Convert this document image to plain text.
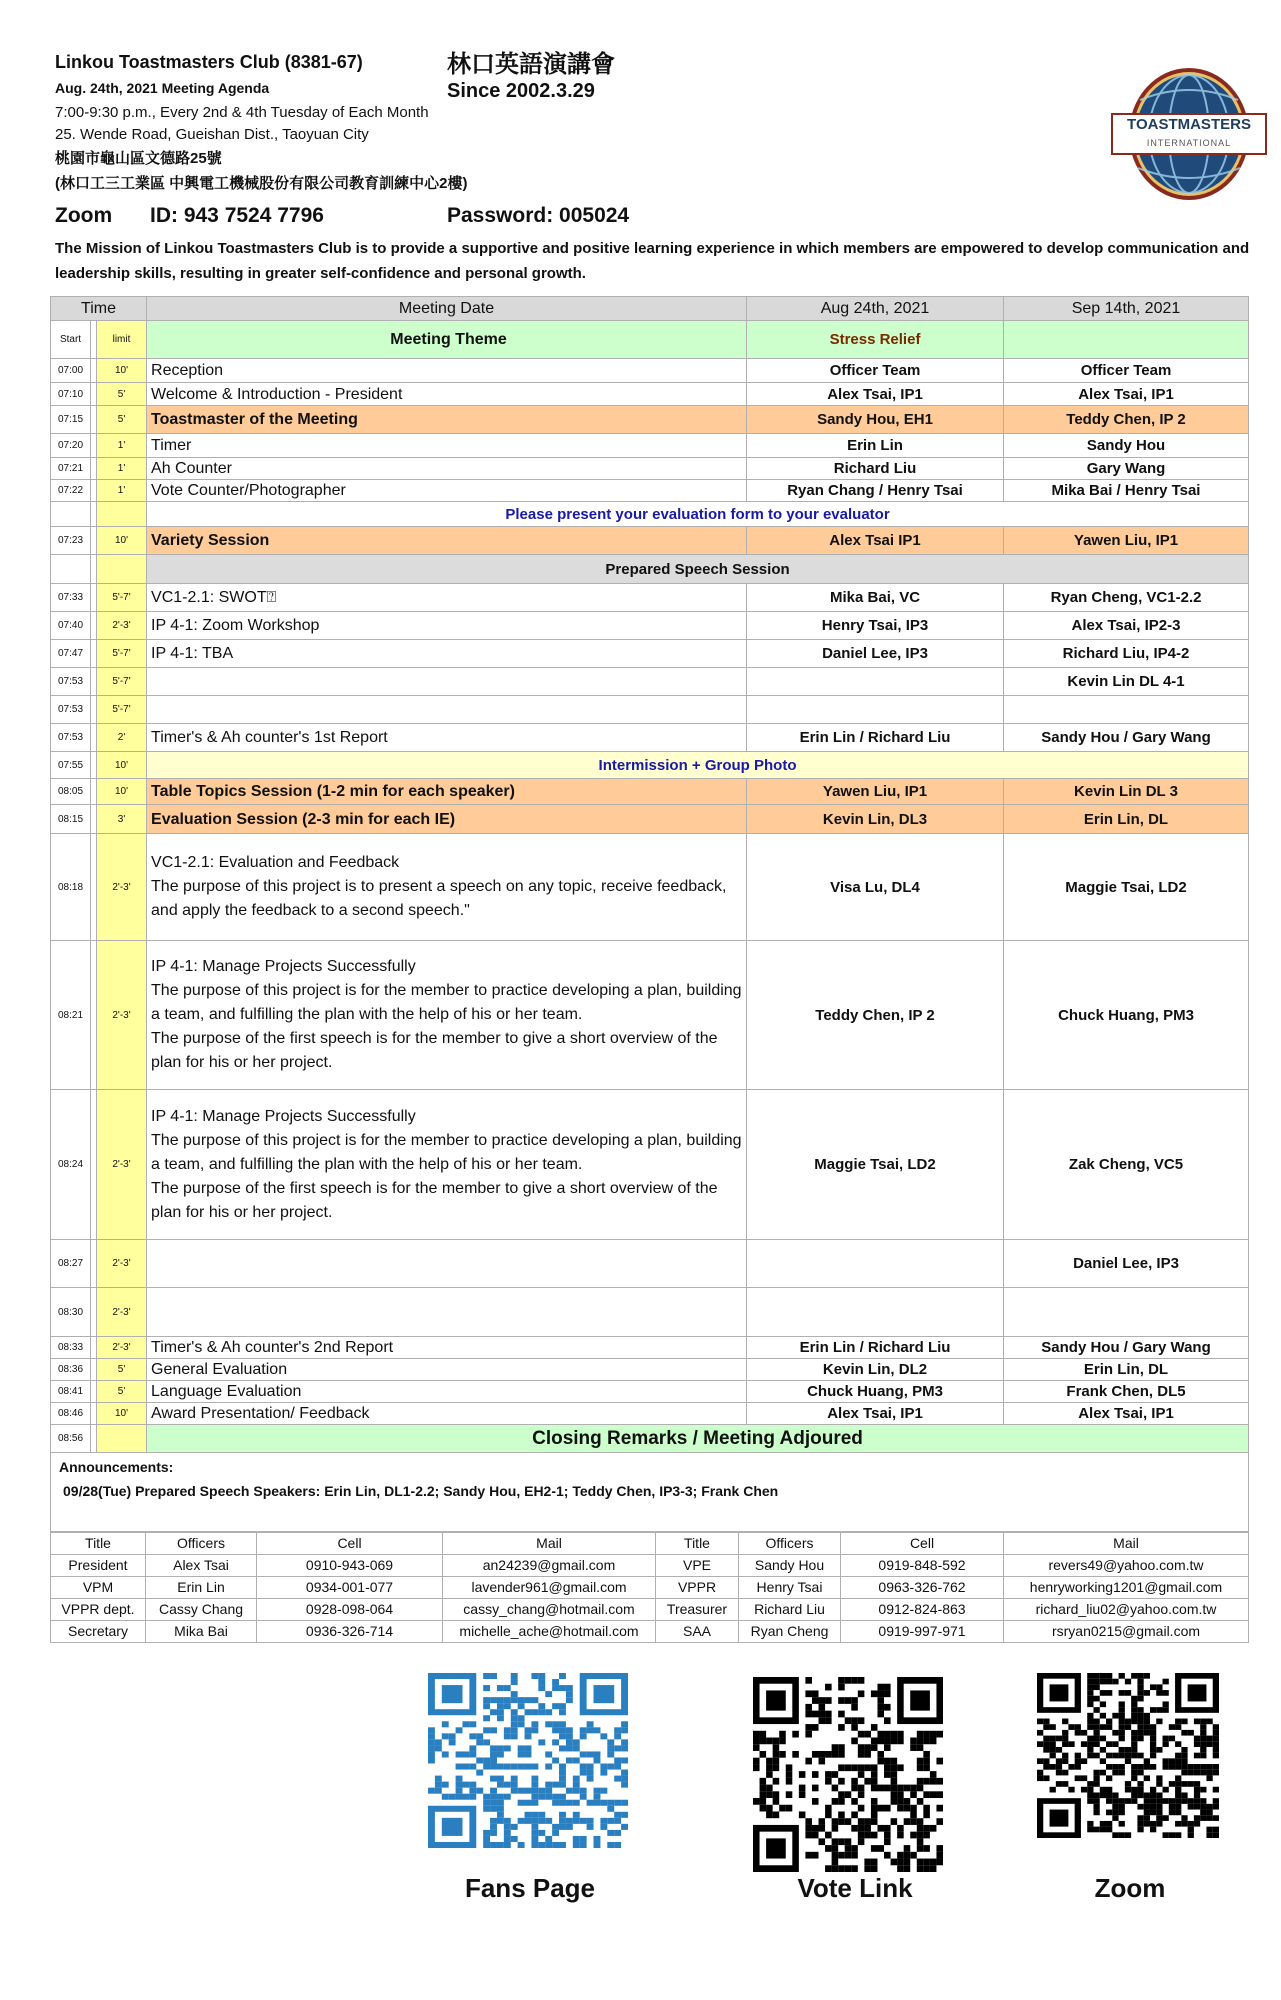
Linkou Toastmasters Club (8381-67)	林口英語演講會
Aug. 24th, 2021 Meeting Agenda	Since 2002.3.29
7:00-9:30 p.m., Every 2nd & 4th Tuesday of Each Month
25. Wende Road, Gueishan Dist., Taoyuan City
桃園市龜山區文德路25號
(林口工三工業區 中興電工機械股份有限公司教育訓練中心2樓)
Zoom ID: 943 7524 7796	Password: 005024
TOASTMASTERS
INTERNATIONAL
The Mission of Linkou Toastmasters Club is to provide a supportive and positive learning experience in which members are empowered to develop communication and leadership skills, resulting in greater self-confidence and personal growth.
Time			Meeting Date	Aug 24th, 2021	Sep 14th, 2021
Start		limit	Meeting Theme	Stress Relief	
07:00		10'	Reception	Officer Team	Officer Team
07:10		5'	Welcome & Introduction - President	Alex Tsai, IP1	Alex Tsai, IP1
07:15		5'	Toastmaster of the Meeting	Sandy Hou, EH1	Teddy Chen, IP 2
07:20		1'	Timer	Erin Lin	Sandy Hou
07:21		1'	Ah Counter	Richard Liu	Gary Wang
07:22		1'	Vote Counter/Photographer	Ryan Chang / Henry Tsai	Mika Bai / Henry Tsai
			Please present your evaluation form to your evaluator		
07:23		10'	Variety Session	Alex Tsai IP1	Yawen Liu, IP1
			Prepared Speech Session		
07:33		5'-7'	VC1-2.1: SWOT⍰	Mika Bai, VC	Ryan Cheng, VC1-2.2
07:40		2'-3'	IP 4-1: Zoom Workshop	Henry Tsai, IP3	Alex Tsai, IP2-3
07:47		5'-7'	IP 4-1: TBA	Daniel Lee, IP3	Richard Liu, IP4-2
07:53		5'-7'			Kevin Lin DL 4-1
07:53		5'-7'			
07:53		2'	Timer's & Ah counter's 1st Report	Erin Lin / Richard Liu	Sandy Hou / Gary Wang
07:55		10'	Intermission + Group Photo		
08:05		10'	Table Topics Session (1-2 min for each speaker)	Yawen Liu, IP1	Kevin Lin DL 3
08:15		3'	Evaluation Session (2-3 min for each IE)	Kevin Lin, DL3	Erin Lin, DL
08:18		2'-3'	VC1-2.1: Evaluation and Feedback
The purpose of this project is to present a speech on any topic, receive feedback, and apply the feedback to a second speech."	Visa Lu, DL4	Maggie Tsai, LD2
08:21		2'-3'	IP 4-1: Manage Projects Successfully
The purpose of this project is for the member to practice developing a plan, building a team, and fulfilling the plan with the help of his or her team.
The purpose of the first speech is for the member to give a short overview of the plan for his or her project.	Teddy Chen, IP 2	Chuck Huang, PM3
08:24		2'-3'	IP 4-1: Manage Projects Successfully
The purpose of this project is for the member to practice developing a plan, building a team, and fulfilling the plan with the help of his or her team.
The purpose of the first speech is for the member to give a short overview of the plan for his or her project.	Maggie Tsai, LD2	Zak Cheng, VC5
08:27		2'-3'			Daniel Lee, IP3
08:30		2'-3'			
08:33		2'-3'	Timer's & Ah counter's 2nd Report	Erin Lin / Richard Liu	Sandy Hou / Gary Wang
08:36		5'	General Evaluation	Kevin Lin, DL2	Erin Lin, DL
08:41		5'	Language Evaluation	Chuck Huang, PM3	Frank Chen, DL5
08:46		10'	Award Presentation/ Feedback	Alex Tsai, IP1	Alex Tsai, IP1
08:56			Closing Remarks / Meeting Adjoured		

Announcements:
09/28(Tue) Prepared Speech Speakers: Erin Lin, DL1-2.2; Sandy Hou, EH2-1; Teddy Chen, IP3-3; Frank Chen					
Title	Officers	Cell	Mail	Title	Officers	Cell	Mail
President	Alex Tsai	0910-943-069	an24239@gmail.com	VPE	Sandy Hou	0919-848-592	revers49@yahoo.com.tw
VPM	Erin Lin	0934-001-077	lavender961@gmail.com	VPPR	Henry Tsai	0963-326-762	henryworking1201@gmail.com
VPPR dept.	Cassy Chang	0928-098-064	cassy_chang@hotmail.com	Treasurer	Richard Liu	0912-824-863	richard_liu02@yahoo.com.tw
Secretary	Mika Bai	0936-326-714	michelle_ache@hotmail.com	SAA	Ryan Cheng	0919-997-971	rsryan0215@gmail.com
Fans Page	Vote Link	Zoom
